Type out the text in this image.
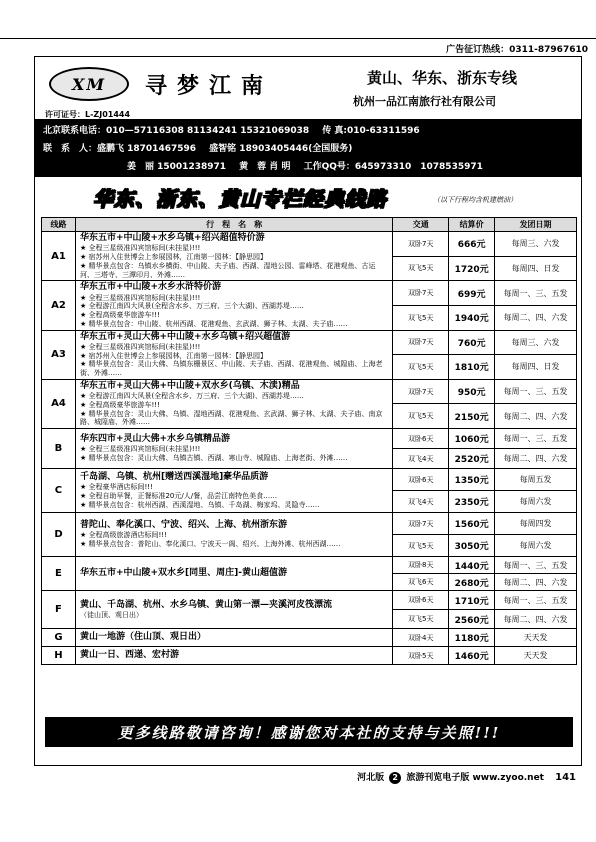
广告征订热线：0311-87967610
XM	寻梦江南	黄山、华东、浙东专线
杭州一品江南旅行社有限公司
许可证号：L-ZJ01444
北京联系电话：010—57116308 81134241 15321069038 传 真:010-63311596
联　系　人：盛鹏飞 18701467596 盛智铭 18903405446(全国服务)
姜　丽 15001238971 黄　蓉 肖 明 工作QQ号：645973310　1078535971
华东、浙东、黄山专栏经典线路	（以下行程均含机建燃油）
线路	行　程　名　称	交通	结算价	发团日期
A1	华东五市+中山陵+水乡乌镇+绍兴超值特价游
★ 全程三星级准四宾馆标间(未挂星)!!!
★ 宿苏州入住世博会上参展园林，江南第一园林：【静思园】
★ 精华景点包含：乌镇水乡横街、中山陵、夫子庙、西湖、湿地公园、雷峰塔、花港观鱼、古运河、三塔寺、三潭印月、外滩……	双卧7天	666元	每周三、六发
		双飞5天	1720元	每周四、日发
A2	华东五市+中山陵+水乡水浒特价游
★ 全程三星级准四宾馆标间(未挂星)!!!
★ 全程游江南四大风景(全程含水乡、万三府、三个大湖)、西湖苏堤……
★ 全程高级豪华旅游车!!!
★ 精华景点包含：中山陵、杭州西湖、花港观鱼、玄武湖、狮子林、太湖、夫子庙……	双卧7天	699元	每周一、三、五发
		双飞5天	1940元	每周二、四、六发
A3	华东五市+灵山大佛+中山陵+水乡乌镇+绍兴超值游
★ 全程三星级准四宾馆标间(未挂星)!!!
★ 宿苏州入住世博会上参展园林，江南第一园林：【静思园】
★ 精华景点包含：灵山大佛、乌镇东栅景区、中山陵、夫子庙、西湖、花港观鱼、城隍庙、上海老街、外滩……	双卧7天	760元	每周三、六发
		双飞5天	1810元	每周四、日发
A4	华东五市+灵山大佛+中山陵+双水乡(乌镇、木渎)精品
★ 全程游江南四大风景(全程含水乡、万三府、三个大湖)、西湖苏堤……
★ 全程高级豪华旅游车!!!
★ 精华景点包含：灵山大佛、乌镇、湿地西湖、花港观鱼、玄武湖、狮子林、太湖、夫子庙、南京路、城隍庙、外滩……	双卧7天	950元	每周一、三、五发
		双飞5天	2150元	每周二、四、六发
B	华东四市+灵山大佛+水乡乌镇精品游
★ 全程三星级准四宾馆标间(未挂星)!!!
★ 精华景点包含：灵山大佛、乌镇古镇、西湖、寒山寺、城隍庙、上海老街、外滩……	双卧6天	1060元	每周一、三、五发
		双飞4天	2520元	每周二、四、六发
C	千岛湖、乌镇、杭州[赠送西溪湿地]豪华品质游
★ 全程豪华酒店标间!!!
★ 全程自助早餐，正餐标准20元/人/餐，品尝江南特色美食……
★ 精华景点包含：杭州西湖、西溪湿地、乌镇、千岛湖、梅家坞、灵隐寺……	双卧6天	1350元	每周五发
		双飞4天	2350元	每周六发
D	普陀山、奉化溪口、宁波、绍兴、上海、杭州浙东游
★ 全程高级旅游酒店标间!!!
★ 精华景点包含：普陀山、奉化溪口、宁波天一阁、绍兴、上海外滩、杭州西湖……	双卧7天	1560元	每周四发
		双飞5天	3050元	每周六发
E	华东五市+中山陵+双水乡[同里、周庄]-黄山超值游	双卧8天	1440元	每周一、三、五发
		双飞6天	2680元	每周二、四、六发
F	黄山、千岛湖、杭州、水乡乌镇、黄山第一漂—夹溪河皮筏漂流
（徒山顶、观日出）	双卧6天	1710元	每周一、三、五发
		双飞5天	2560元	每周二、四、六发
G	黄山一地游（住山顶、观日出）	双卧4天	1180元	天天发
H	黄山一日、西递、宏村游	双卧5天	1460元	天天发
更多线路敬请咨询！感谢您对本社的支持与关照!!!
河北版 2 旅游刊览电子版 www.zyoo.net 141
